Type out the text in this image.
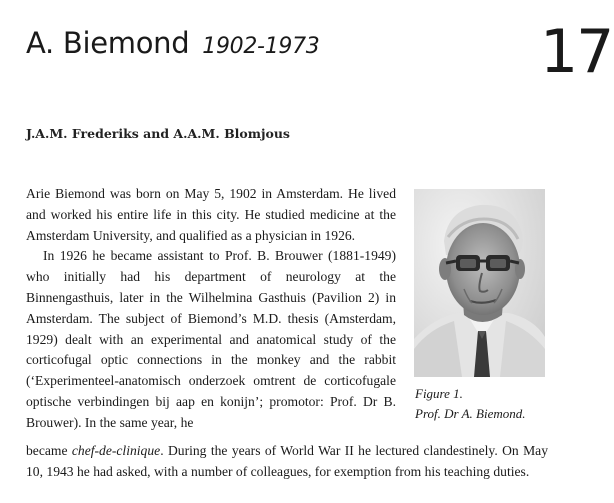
A. Biemond 1902-1973	17
J.A.M. Frederiks and A.A.M. Blomjous

Arie Biemond was born on May 5, 1902 in Amsterdam. He lived and worked his entire life in this city. He studied medicine at the Amsterdam University, and qualified as a physician in 1926.

In 1926 he became assistant to Prof. B. Brouwer (1881-1949) who initially had his department of neurology at the Binnengasthuis, later in the Wilhelmina Gasthuis (Pavilion 2) in Amsterdam. The subject of Biemond’s M.D. thesis (Amsterdam, 1929) dealt with an experimental and anatomical study of the corticofugal optic connections in the monkey and the rabbit (‘Experimenteel-anatomisch onderzoek omtrent de corticofugale optische verbindingen bij aap en konijn’; promotor: Prof. Dr B. Brouwer). In the same year, he

became chef-de-clinique. During the years of World War II he lectured clandestinely. On May 10, 1943 he had asked, with a number of colleagues, for exemption from his teaching duties.

Figure 1.
Prof. Dr A. Biemond.
